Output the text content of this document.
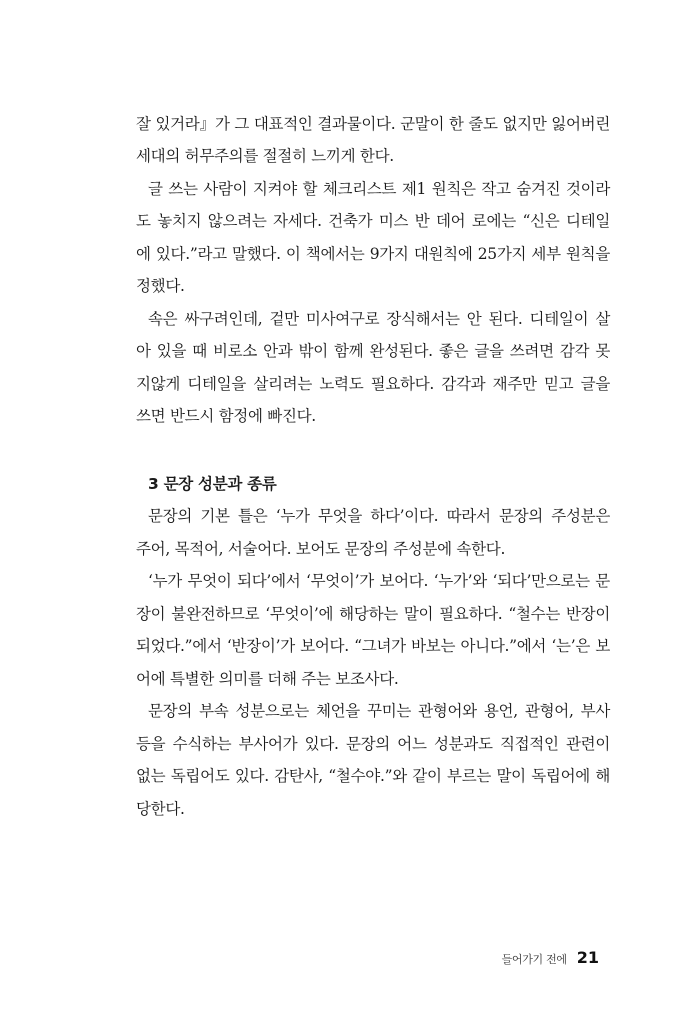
잘 있거라』가 그 대표적인 결과물이다. 군말이 한 줄도 없지만 잃어버린
세대의 허무주의를 절절히 느끼게 한다.
글 쓰는 사람이 지켜야 할 체크리스트 제1 원칙은 작고 숨겨진 것이라
도 놓치지 않으려는 자세다. 건축가 미스 반 데어 로에는 “신은 디테일
에 있다.”라고 말했다. 이 책에서는 9가지 대원칙에 25가지 세부 원칙을
정했다.
속은 싸구려인데, 겉만 미사여구로 장식해서는 안 된다. 디테일이 살
아 있을 때 비로소 안과 밖이 함께 완성된다. 좋은 글을 쓰려면 감각 못
지않게 디테일을 살리려는 노력도 필요하다. 감각과 재주만 믿고 글을
쓰면 반드시 함정에 빠진다.
3 문장 성분과 종류
문장의 기본 틀은 ‘누가 무엇을 하다’이다. 따라서 문장의 주성분은
주어, 목적어, 서술어다. 보어도 문장의 주성분에 속한다.
‘누가 무엇이 되다’에서 ‘무엇이’가 보어다. ‘누가’와 ‘되다’만으로는 문
장이 불완전하므로 ‘무엇이’에 해당하는 말이 필요하다. “철수는 반장이
되었다.”에서 ‘반장이’가 보어다. “그녀가 바보는 아니다.”에서 ‘는’은 보
어에 특별한 의미를 더해 주는 보조사다.
문장의 부속 성분으로는 체언을 꾸미는 관형어와 용언, 관형어, 부사
등을 수식하는 부사어가 있다. 문장의 어느 성분과도 직접적인 관련이
없는 독립어도 있다. 감탄사, “철수야.”와 같이 부르는 말이 독립어에 해
당한다.
들어가기 전에 21
